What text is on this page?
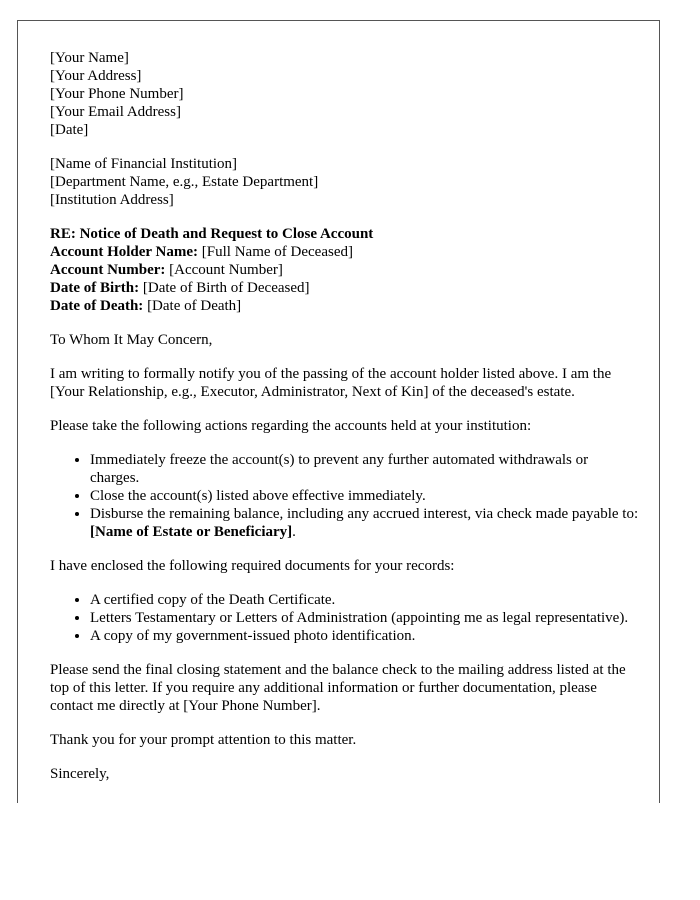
[Your Name]
[Your Address]
[Your Phone Number]
[Your Email Address]
[Date]
[Name of Financial Institution]
[Department Name, e.g., Estate Department]
[Institution Address]
RE: Notice of Death and Request to Close Account
Account Holder Name: [Full Name of Deceased]
Account Number: [Account Number]
Date of Birth: [Date of Birth of Deceased]
Date of Death: [Date of Death]

To Whom It May Concern,

I am writing to formally notify you of the passing of the account holder listed above. I am the [Your Relationship, e.g., Executor, Administrator, Next of Kin] of the deceased's estate.

Please take the following actions regarding the accounts held at your institution:

• Immediately freeze the account(s) to prevent any further automated withdrawals or charges.
• Close the account(s) listed above effective immediately.
• Disburse the remaining balance, including any accrued interest, via check made payable to: [Name of Estate or Beneficiary].

I have enclosed the following required documents for your records:

• A certified copy of the Death Certificate.
• Letters Testamentary or Letters of Administration (appointing me as legal representative).
• A copy of my government-issued photo identification.

Please send the final closing statement and the balance check to the mailing address listed at the top of this letter. If you require any additional information or further documentation, please contact me directly at [Your Phone Number].

Thank you for your prompt attention to this matter.

Sincerely,
